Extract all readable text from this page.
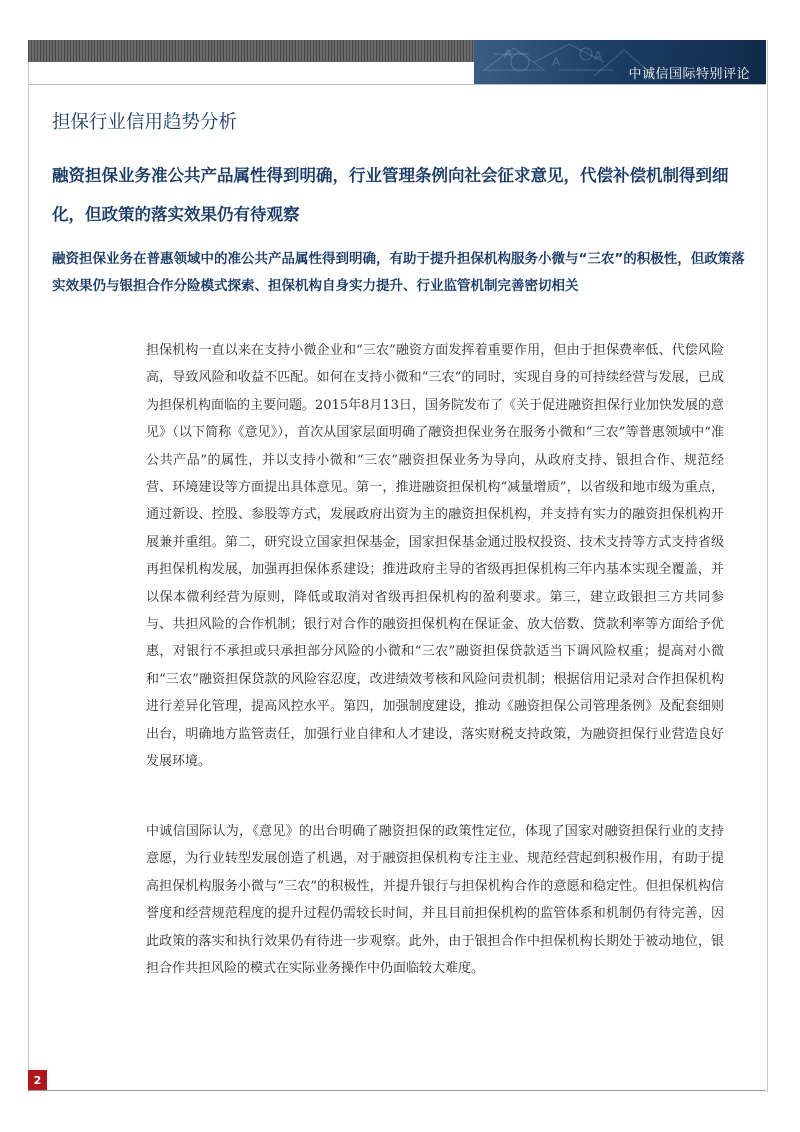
A
A	A
中诚信国际特别评论
担保行业信用趋势分析
融资担保业务准公共产品属性得到明确，行业管理条例向社会征求意见，代偿补偿机制得到细化，但政策的落实效果仍有待观察
融资担保业务在普惠领域中的准公共产品属性得到明确，有助于提升担保机构服务小微与“三农”的积极性，但政策落实效果仍与银担合作分险模式探索、担保机构自身实力提升、行业监管机制完善密切相关

担保机构一直以来在支持小微企业和“三农”融资方面发挥着重要作用，但由于担保费率低、代偿风险高，导致风险和收益不匹配。如何在支持小微和“三农”的同时，实现自身的可持续经营与发展，已成为担保机构面临的主要问题。2015年8月13日，国务院发布了《关于促进融资担保行业加快发展的意见》（以下简称《意见》），首次从国家层面明确了融资担保业务在服务小微和“三农”等普惠领域中“准公共产品”的属性，并以支持小微和“三农”融资担保业务为导向，从政府支持、银担合作、规范经营、环境建设等方面提出具体意见。第一，推进融资担保机构“减量增质”，以省级和地市级为重点，通过新设、控股、参股等方式，发展政府出资为主的融资担保机构，并支持有实力的融资担保机构开展兼并重组。第二，研究设立国家担保基金，国家担保基金通过股权投资、技术支持等方式支持省级再担保机构发展，加强再担保体系建设；推进政府主导的省级再担保机构三年内基本实现全覆盖，并以保本微利经营为原则，降低或取消对省级再担保机构的盈利要求。第三，建立政银担三方共同参与、共担风险的合作机制；银行对合作的融资担保机构在保证金、放大倍数、贷款利率等方面给予优惠，对银行不承担或只承担部分风险的小微和“三农”融资担保贷款适当下调风险权重；提高对小微和“三农”融资担保贷款的风险容忍度，改进绩效考核和风险问责机制；根据信用记录对合作担保机构进行差异化管理，提高风控水平。第四，加强制度建设，推动《融资担保公司管理条例》及配套细则出台，明确地方监管责任，加强行业自律和人才建设，落实财税支持政策，为融资担保行业营造良好发展环境。

中诚信国际认为，《意见》的出台明确了融资担保的政策性定位，体现了国家对融资担保行业的支持意愿，为行业转型发展创造了机遇，对于融资担保机构专注主业、规范经营起到积极作用，有助于提高担保机构服务小微与“三农”的积极性，并提升银行与担保机构合作的意愿和稳定性。但担保机构信誉度和经营规范程度的提升过程仍需较长时间，并且目前担保机构的监管体系和机制仍有待完善，因此政策的落实和执行效果仍有待进一步观察。此外，由于银担合作中担保机构长期处于被动地位，银担合作共担风险的模式在实际业务操作中仍面临较大难度。

2
